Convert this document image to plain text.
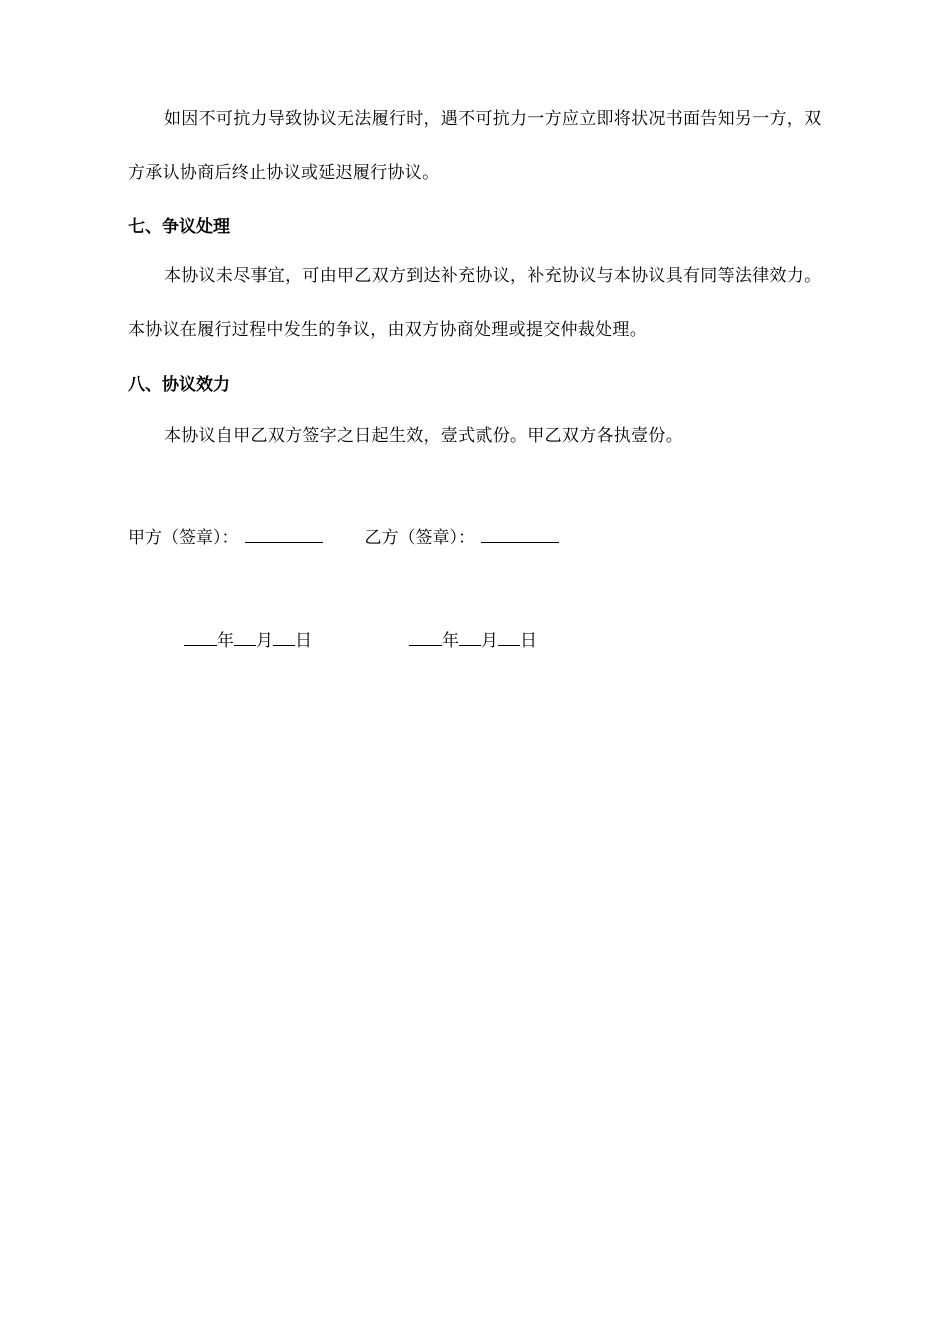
如因不可抗力导致协议无法履行时，遇不可抗力一方应立即将状况书面告知另一方，双方承认协商后终止协议或延迟履行协议。

七、争议处理

本协议未尽事宜，可由甲乙双方到达补充协议，补充协议与本协议具有同等法律效力。本协议在履行过程中发生的争议，由双方协商处理或提交仲裁处理。

八、协议效力

本协议自甲乙双方签字之日起生效，壹式贰份。甲乙双方各执壹份。

甲方（签章）：	乙方（签章）：
年 月 日	年 月 日
